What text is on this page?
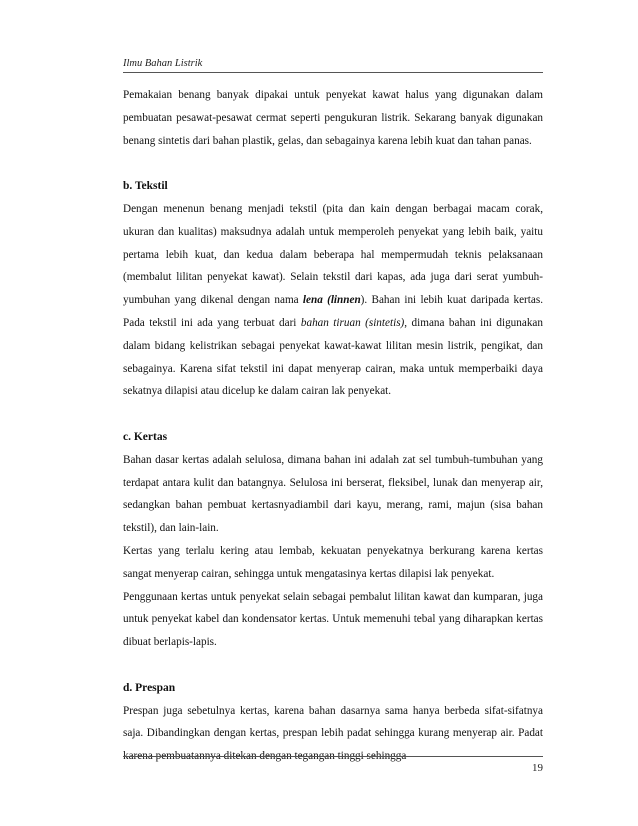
Ilmu Bahan Listrik

Pemakaian benang banyak dipakai untuk penyekat kawat halus yang digunakan dalam pembuatan pesawat-pesawat cermat seperti pengukuran listrik. Sekarang banyak digunakan benang sintetis dari bahan plastik, gelas, dan sebagainya karena lebih kuat dan tahan panas.

b. Tekstil

Dengan menenun benang menjadi tekstil (pita dan kain dengan berbagai macam corak, ukuran dan kualitas) maksudnya adalah untuk memperoleh penyekat yang lebih baik, yaitu pertama lebih kuat, dan kedua dalam beberapa hal mempermudah teknis pelaksanaan (membalut lilitan penyekat kawat). Selain tekstil dari kapas, ada juga dari serat yumbuh-yumbuhan yang dikenal dengan nama lena (linnen). Bahan ini lebih kuat daripada kertas. Pada tekstil ini ada yang terbuat dari bahan tiruan (sintetis), dimana bahan ini digunakan dalam bidang kelistrikan sebagai penyekat kawat-kawat lilitan mesin listrik, pengikat, dan sebagainya. Karena sifat tekstil ini dapat menyerap cairan, maka untuk memperbaiki daya sekatnya dilapisi atau dicelup ke dalam cairan lak penyekat.

c. Kertas

Bahan dasar kertas adalah selulosa, dimana bahan ini adalah zat sel tumbuh-tumbuhan yang terdapat antara kulit dan batangnya. Selulosa ini berserat, fleksibel, lunak dan menyerap air, sedangkan bahan pembuat kertasnyadiambil dari kayu, merang, rami, majun (sisa bahan tekstil), dan lain-lain.

Kertas yang terlalu kering atau lembab, kekuatan penyekatnya berkurang karena kertas sangat menyerap cairan, sehingga untuk mengatasinya kertas dilapisi lak penyekat.

Penggunaan kertas untuk penyekat selain sebagai pembalut lilitan kawat dan kumparan, juga untuk penyekat kabel dan kondensator kertas. Untuk memenuhi tebal yang diharapkan kertas dibuat berlapis-lapis.

d. Prespan

Prespan juga sebetulnya kertas, karena bahan dasarnya sama hanya berbeda sifat-sifatnya saja. Dibandingkan dengan kertas, prespan lebih padat sehingga kurang menyerap air. Padat karena pembuatannya ditekan dengan tegangan tinggi sehingga

19
